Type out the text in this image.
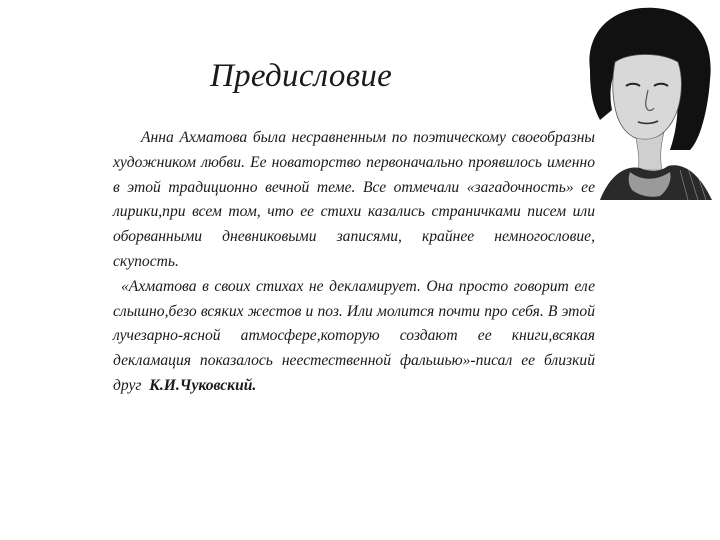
Предисловие

Анна Ахматова была несравненным по поэтическому своеобразны художником любви. Ее новаторство первоначально проявилось именно в этой традиционно вечной теме. Все отмечали «загадочность» ее лирики,при всем том, что ее стихи казались страничками писем или оборванными дневниковыми записями, крайнее немногословие, скупость.

«Ахматова в своих стихах не декламирует. Она просто говорит еле слышно,безо всяких жестов и поз. Или молится почти про себя. В этой лучезарно-ясной атмосфере,которую создают ее книги,всякая декламация показалось неестественной фальшью»-писал ее близкий друг К.И.Чуковский.
